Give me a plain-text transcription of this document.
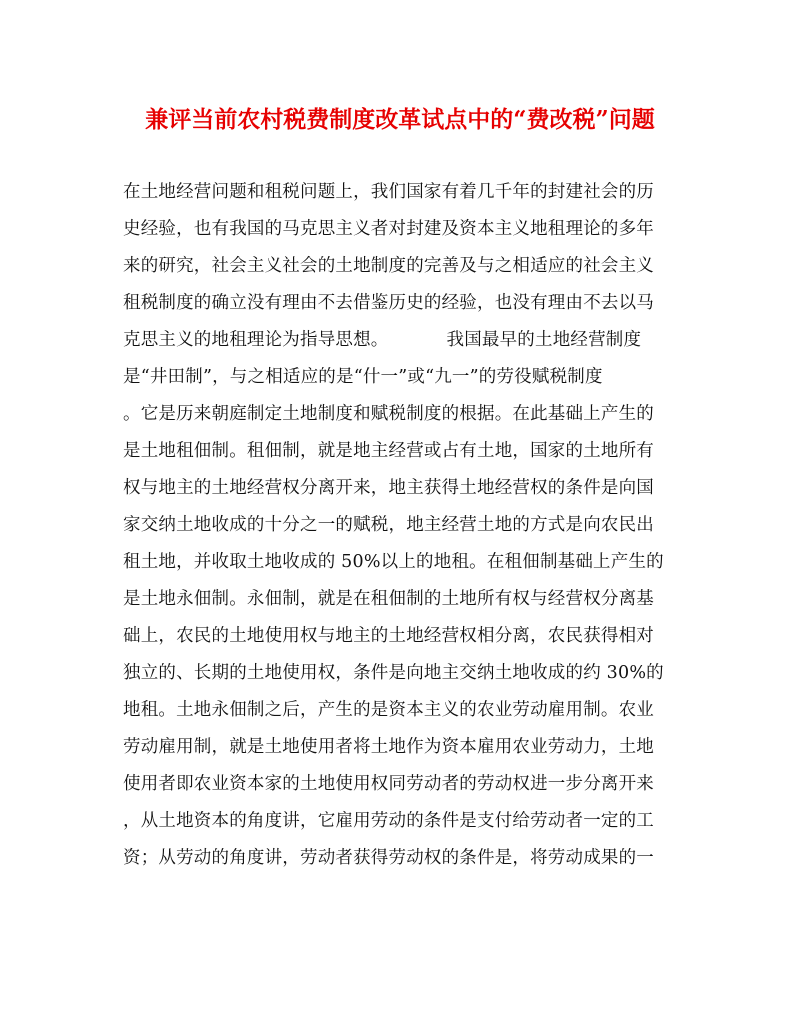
兼评当前农村税费制度改革试点中的“费改税”问题
在土地经营问题和租税问题上，我们国家有着几千年的封建社会的历
史经验，也有我国的马克思主义者对封建及资本主义地租理论的多年
来的研究，社会主义社会的土地制度的完善及与之相适应的社会主义
租税制度的确立没有理由不去借鉴历史的经验，也没有理由不去以马
克思主义的地租理论为指导思想。	我国最早的土地经营制度
是“井田制”，与之相适应的是“什一”或“九一”的劳役赋税制度
。它是历来朝庭制定土地制度和赋税制度的根据。在此基础上产生的
是土地租佃制。租佃制，就是地主经营或占有土地，国家的土地所有
权与地主的土地经营权分离开来，地主获得土地经营权的条件是向国
家交纳土地收成的十分之一的赋税，地主经营土地的方式是向农民出
租土地，并收取土地收成的 50%以上的地租。在租佃制基础上产生的
是土地永佃制。永佃制，就是在租佃制的土地所有权与经营权分离基
础上，农民的土地使用权与地主的土地经营权相分离，农民获得相对
独立的、长期的土地使用权，条件是向地主交纳土地收成的约 30%的
地租。土地永佃制之后，产生的是资本主义的农业劳动雇用制。农业
劳动雇用制，就是土地使用者将土地作为资本雇用农业劳动力，土地
使用者即农业资本家的土地使用权同劳动者的劳动权进一步分离开来
，从土地资本的角度讲，它雇用劳动的条件是支付给劳动者一定的工
资；从劳动的角度讲，劳动者获得劳动权的条件是，将劳动成果的一
